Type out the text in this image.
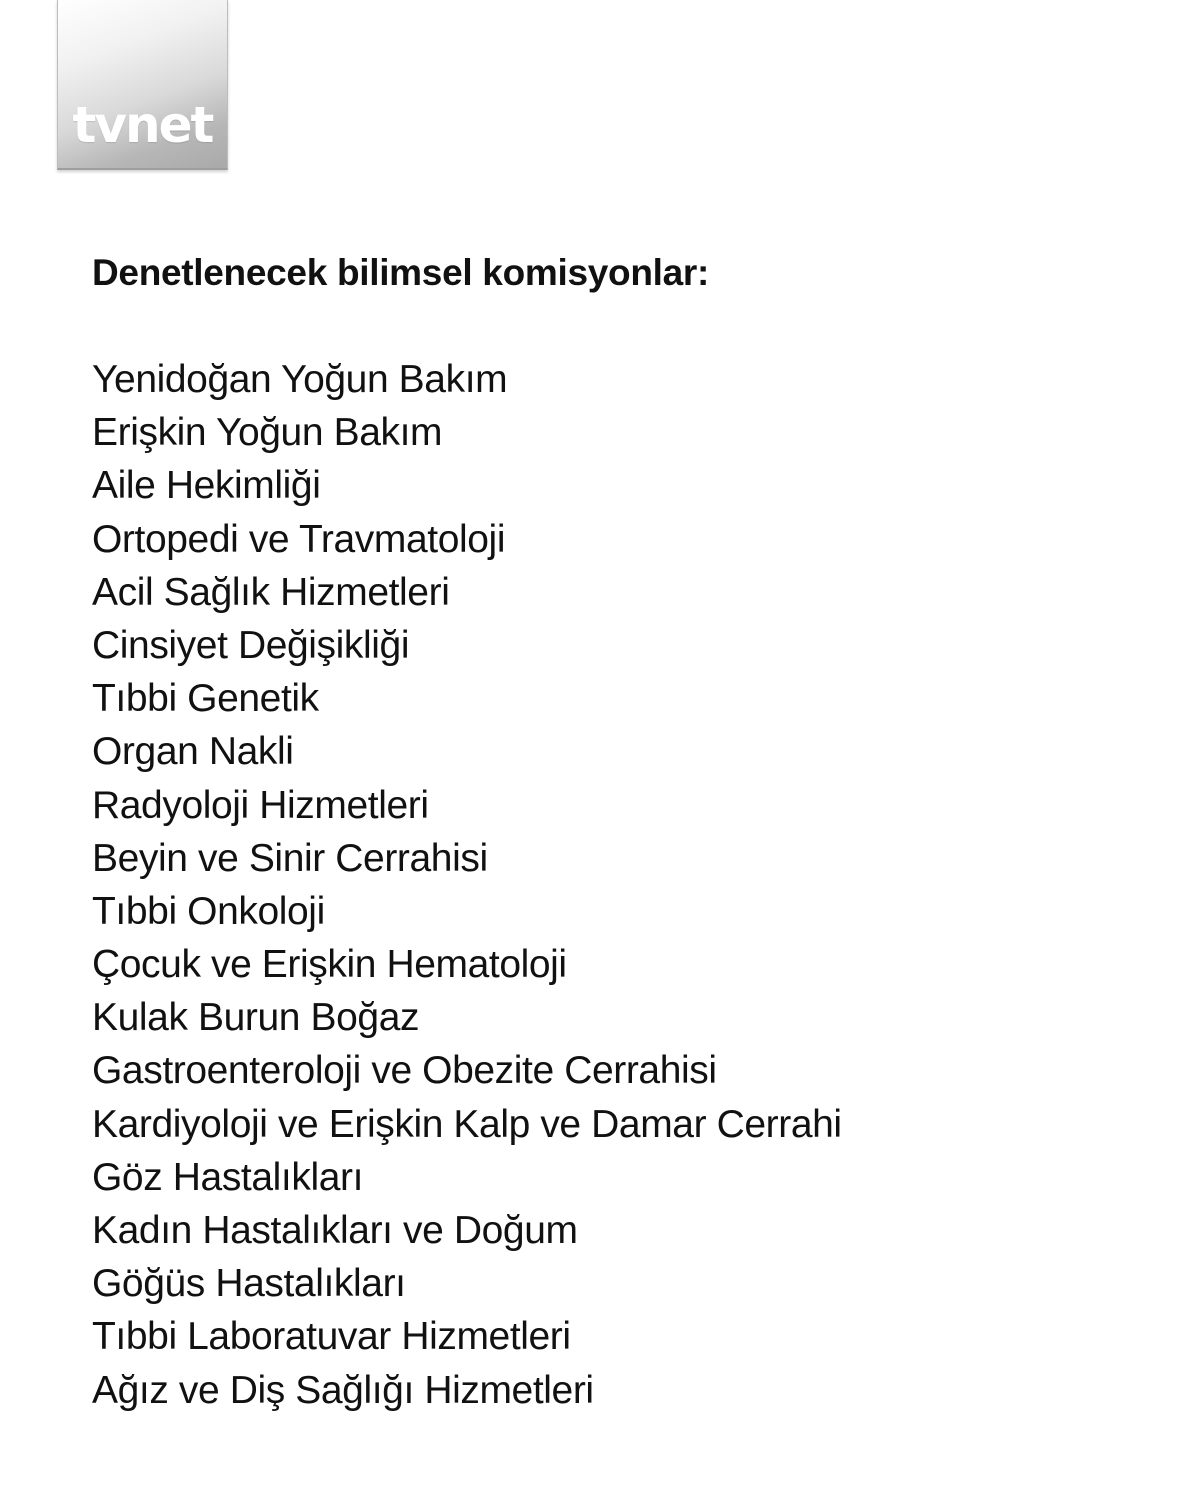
tvnet
Denetlenecek bilimsel komisyonlar:
Yenidoğan Yoğun Bakım
Erişkin Yoğun Bakım
Aile Hekimliği
Ortopedi ve Travmatoloji
Acil Sağlık Hizmetleri
Cinsiyet Değişikliği
Tıbbi Genetik
Organ Nakli
Radyoloji Hizmetleri
Beyin ve Sinir Cerrahisi
Tıbbi Onkoloji
Çocuk ve Erişkin Hematoloji
Kulak Burun Boğaz
Gastroenteroloji ve Obezite Cerrahisi
Kardiyoloji ve Erişkin Kalp ve Damar Cerrahi
Göz Hastalıkları
Kadın Hastalıkları ve Doğum
Göğüs Hastalıkları
Tıbbi Laboratuvar Hizmetleri
Ağız ve Diş Sağlığı Hizmetleri
